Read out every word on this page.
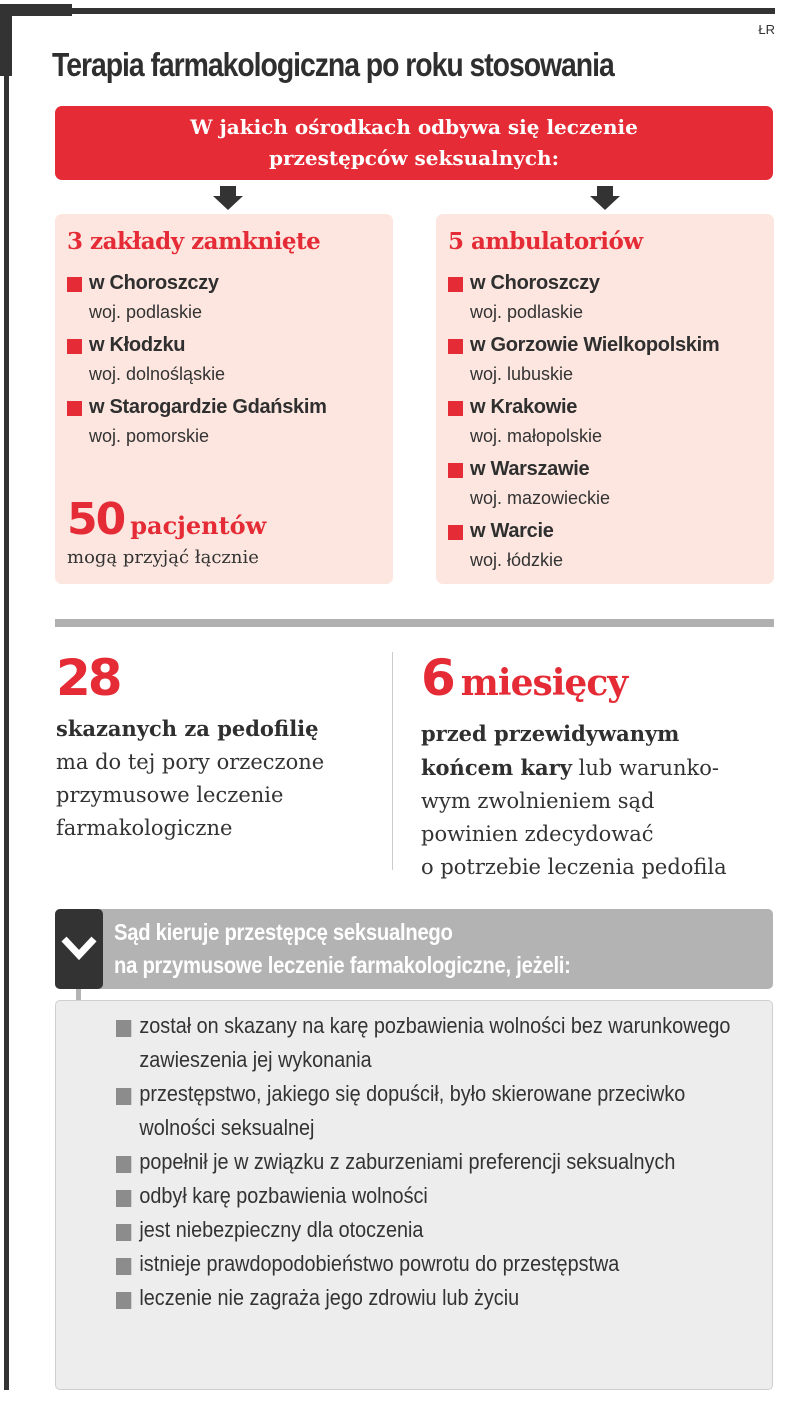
ŁR
Terapia farmakologiczna po roku stosowania
W jakich ośrodkach odbywa się leczenie
przestępców seksualnych:
3 zakłady zamknięte
w Choroszczy
woj. podlaskie
w Kłodzku
woj. dolnośląskie
w Starogardzie Gdańskim
woj. pomorskie
50 pacjentów
mogą przyjąć łącznie
5 ambulatoriów
w Choroszczy
woj. podlaskie
w Gorzowie Wielkopolskim
woj. lubuskie
w Krakowie
woj. małopolskie
w Warszawie
woj. mazowieckie
w Warcie
woj. łódzkie
28
skazanych za pedofilię
ma do tej pory orzeczone
przymusowe leczenie
farmakologiczne
6 miesięcy
przed przewidywanym
końcem kary lub warunko-
wym zwolnieniem sąd
powinien zdecydować
o potrzebie leczenia pedofila
Sąd kieruje przestępcę seksualnego
na przymusowe leczenie farmakologiczne, jeżeli:
został on skazany na karę pozbawienia wolności bez warunkowego zawieszenia jej wykonania
przestępstwo, jakiego się dopuścił, było skierowane przeciwko wolności seksualnej
popełnił je w związku z zaburzeniami preferencji seksualnych
odbył karę pozbawienia wolności
jest niebezpieczny dla otoczenia
istnieje prawdopodobieństwo powrotu do przestępstwa
leczenie nie zagraża jego zdrowiu lub życiu
